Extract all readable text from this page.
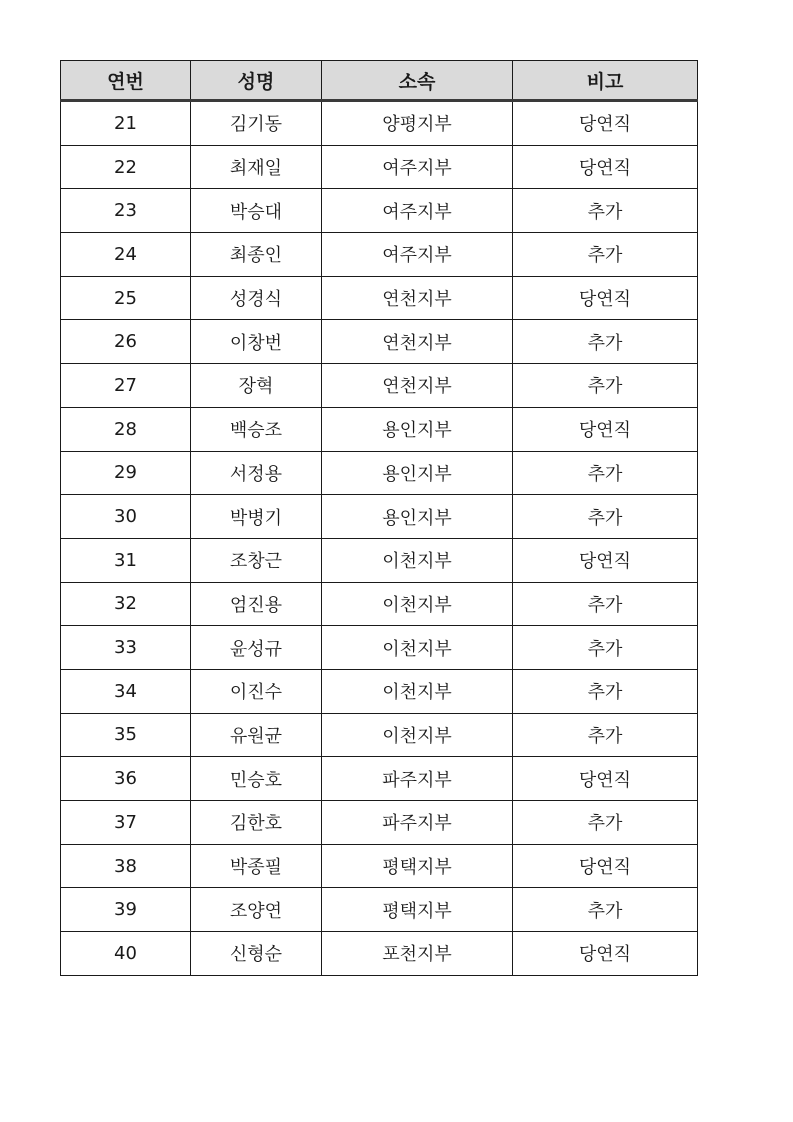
연번	성명	소속	비고
21	김기동	양평지부	당연직
22	최재일	여주지부	당연직
23	박승대	여주지부	추가
24	최종인	여주지부	추가
25	성경식	연천지부	당연직
26	이창번	연천지부	추가
27	장혁	연천지부	추가
28	백승조	용인지부	당연직
29	서정용	용인지부	추가
30	박병기	용인지부	추가
31	조창근	이천지부	당연직
32	엄진용	이천지부	추가
33	윤성규	이천지부	추가
34	이진수	이천지부	추가
35	유원균	이천지부	추가
36	민승호	파주지부	당연직
37	김한호	파주지부	추가
38	박종필	평택지부	당연직
39	조양연	평택지부	추가
40	신형순	포천지부	당연직
